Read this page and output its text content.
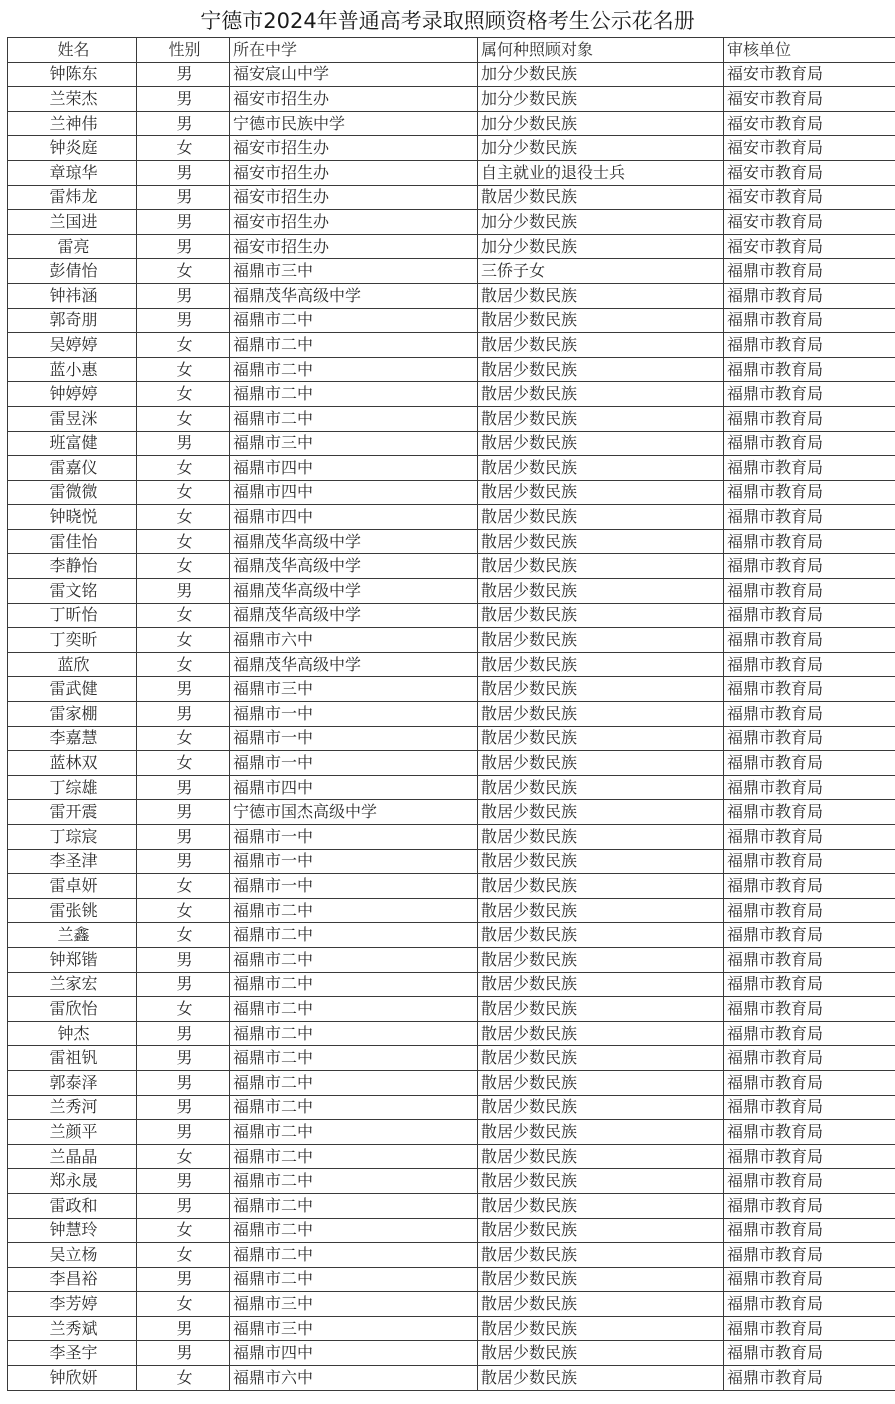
宁德市2024年普通高考录取照顾资格考生公示花名册
姓名	性别	所在中学	属何种照顾对象	审核单位
钟陈东	男	福安宸山中学	加分少数民族	福安市教育局
兰荣杰	男	福安市招生办	加分少数民族	福安市教育局
兰神伟	男	宁德市民族中学	加分少数民族	福安市教育局
钟炎庭	女	福安市招生办	加分少数民族	福安市教育局
章琼华	男	福安市招生办	自主就业的退役士兵	福安市教育局
雷炜龙	男	福安市招生办	散居少数民族	福安市教育局
兰国进	男	福安市招生办	加分少数民族	福安市教育局
雷亮	男	福安市招生办	加分少数民族	福安市教育局
彭倩怡	女	福鼎市三中	三侨子女	福鼎市教育局
钟祎涵	男	福鼎茂华高级中学	散居少数民族	福鼎市教育局
郭奇朋	男	福鼎市二中	散居少数民族	福鼎市教育局
吴婷婷	女	福鼎市二中	散居少数民族	福鼎市教育局
蓝小惠	女	福鼎市二中	散居少数民族	福鼎市教育局
钟婷婷	女	福鼎市二中	散居少数民族	福鼎市教育局
雷昱洣	女	福鼎市二中	散居少数民族	福鼎市教育局
班富健	男	福鼎市三中	散居少数民族	福鼎市教育局
雷嘉仪	女	福鼎市四中	散居少数民族	福鼎市教育局
雷微微	女	福鼎市四中	散居少数民族	福鼎市教育局
钟晓悦	女	福鼎市四中	散居少数民族	福鼎市教育局
雷佳怡	女	福鼎茂华高级中学	散居少数民族	福鼎市教育局
李静怡	女	福鼎茂华高级中学	散居少数民族	福鼎市教育局
雷文铭	男	福鼎茂华高级中学	散居少数民族	福鼎市教育局
丁昕怡	女	福鼎茂华高级中学	散居少数民族	福鼎市教育局
丁奕昕	女	福鼎市六中	散居少数民族	福鼎市教育局
蓝欣	女	福鼎茂华高级中学	散居少数民族	福鼎市教育局
雷武健	男	福鼎市三中	散居少数民族	福鼎市教育局
雷家棚	男	福鼎市一中	散居少数民族	福鼎市教育局
李嘉慧	女	福鼎市一中	散居少数民族	福鼎市教育局
蓝林双	女	福鼎市一中	散居少数民族	福鼎市教育局
丁综雄	男	福鼎市四中	散居少数民族	福鼎市教育局
雷开震	男	宁德市国杰高级中学	散居少数民族	福鼎市教育局
丁琮宸	男	福鼎市一中	散居少数民族	福鼎市教育局
李圣津	男	福鼎市一中	散居少数民族	福鼎市教育局
雷卓妍	女	福鼎市一中	散居少数民族	福鼎市教育局
雷张铫	女	福鼎市二中	散居少数民族	福鼎市教育局
兰鑫	女	福鼎市二中	散居少数民族	福鼎市教育局
钟郑锴	男	福鼎市二中	散居少数民族	福鼎市教育局
兰家宏	男	福鼎市二中	散居少数民族	福鼎市教育局
雷欣怡	女	福鼎市二中	散居少数民族	福鼎市教育局
钟杰	男	福鼎市二中	散居少数民族	福鼎市教育局
雷祖钒	男	福鼎市二中	散居少数民族	福鼎市教育局
郭泰泽	男	福鼎市二中	散居少数民族	福鼎市教育局
兰秀河	男	福鼎市二中	散居少数民族	福鼎市教育局
兰颜平	男	福鼎市二中	散居少数民族	福鼎市教育局
兰晶晶	女	福鼎市二中	散居少数民族	福鼎市教育局
郑永晟	男	福鼎市二中	散居少数民族	福鼎市教育局
雷政和	男	福鼎市二中	散居少数民族	福鼎市教育局
钟慧玲	女	福鼎市二中	散居少数民族	福鼎市教育局
吴立杨	女	福鼎市二中	散居少数民族	福鼎市教育局
李昌裕	男	福鼎市二中	散居少数民族	福鼎市教育局
李芳婷	女	福鼎市三中	散居少数民族	福鼎市教育局
兰秀斌	男	福鼎市三中	散居少数民族	福鼎市教育局
李圣宇	男	福鼎市四中	散居少数民族	福鼎市教育局
钟欣妍	女	福鼎市六中	散居少数民族	福鼎市教育局
